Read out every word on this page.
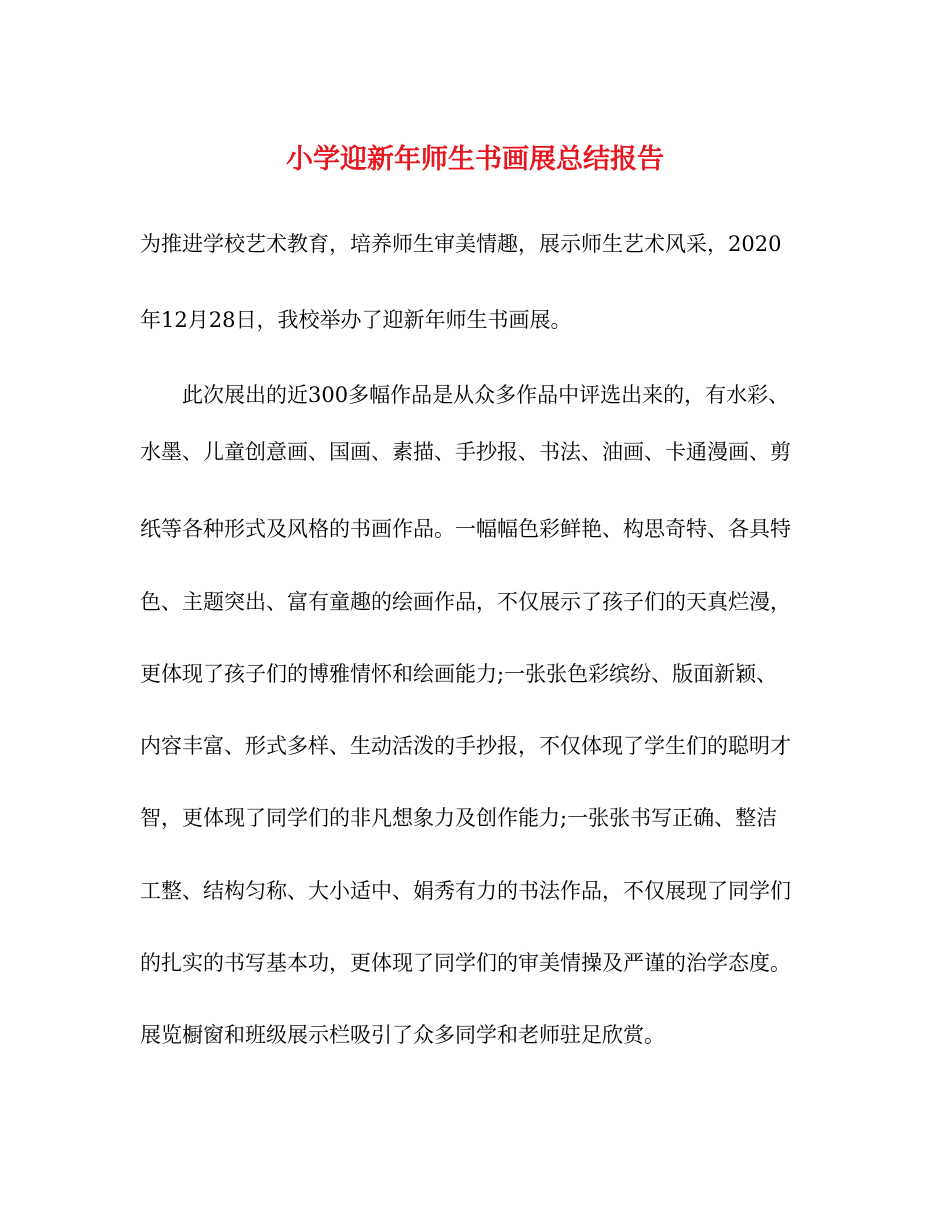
小学迎新年师生书画展总结报告
为推进学校艺术教育，培养师生审美情趣，展示师生艺术风采，2020
年12月28日，我校举办了迎新年师生书画展。
　　此次展出的近300多幅作品是从众多作品中评选出来的，有水彩、
水墨、儿童创意画、国画、素描、手抄报、书法、油画、卡通漫画、剪
纸等各种形式及风格的书画作品。一幅幅色彩鲜艳、构思奇特、各具特
色、主题突出、富有童趣的绘画作品，不仅展示了孩子们的天真烂漫，
更体现了孩子们的博雅情怀和绘画能力;一张张色彩缤纷、版面新颖、
内容丰富、形式多样、生动活泼的手抄报，不仅体现了学生们的聪明才
智，更体现了同学们的非凡想象力及创作能力;一张张书写正确、整洁
工整、结构匀称、大小适中、娟秀有力的书法作品，不仅展现了同学们
的扎实的书写基本功，更体现了同学们的审美情操及严谨的治学态度。
展览橱窗和班级展示栏吸引了众多同学和老师驻足欣赏。
